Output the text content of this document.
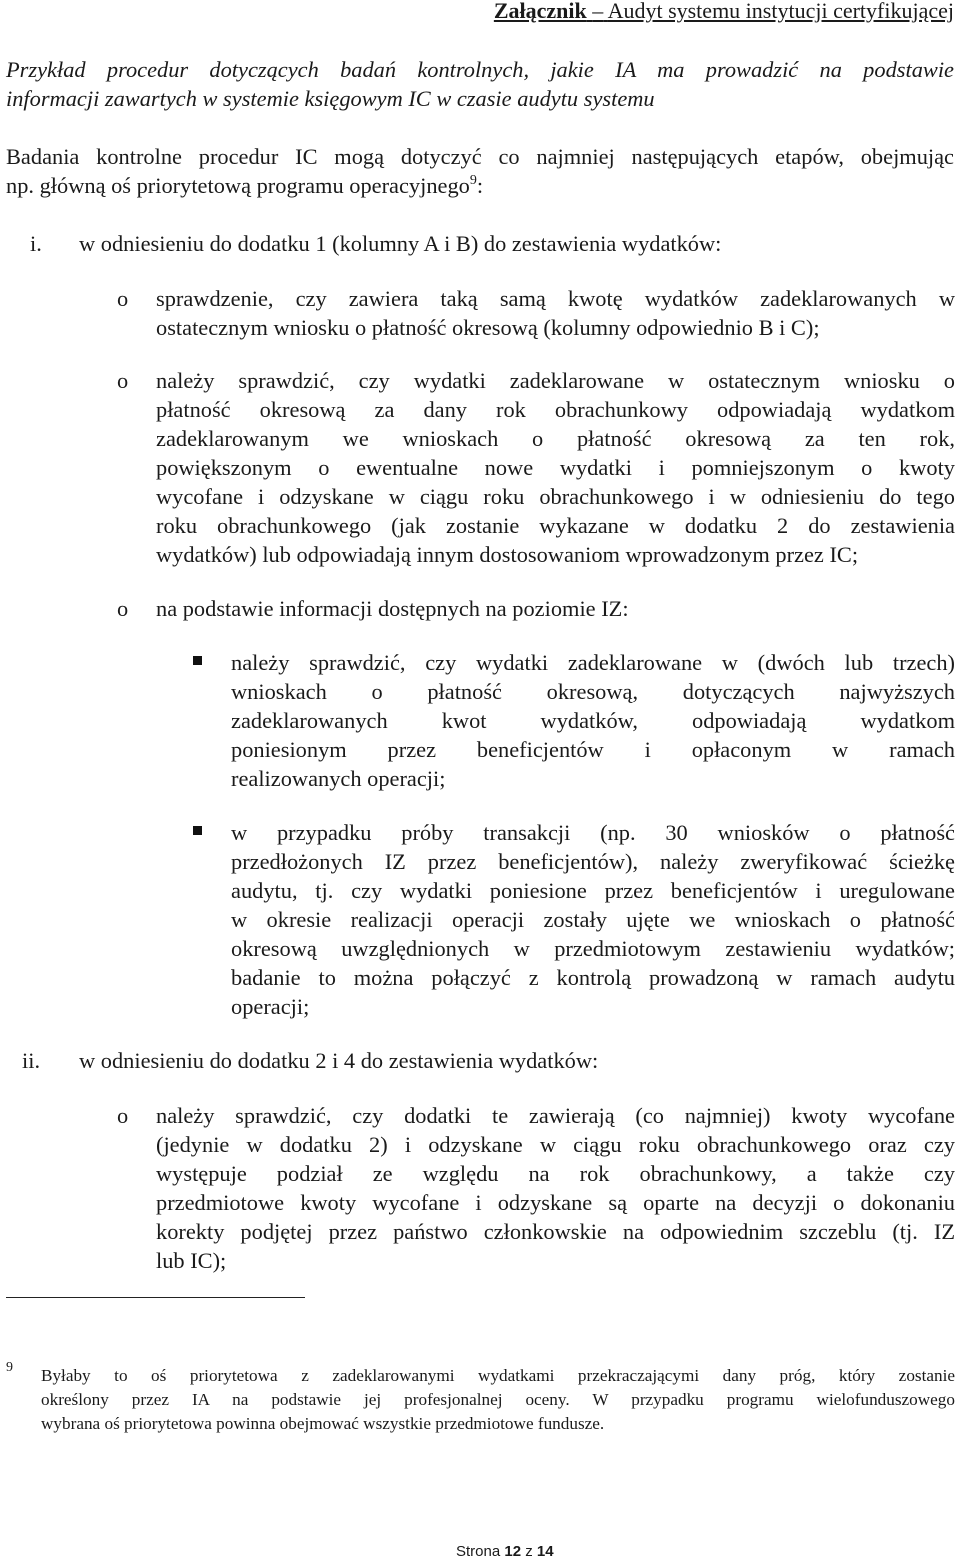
Załącznik – Audyt systemu instytucji certyfikującej
Przykład procedur dotyczących badań kontrolnych, jakie IA ma prowadzić na podstawie
informacji zawartych w systemie księgowym IC w czasie audytu systemu
Badania kontrolne procedur IC mogą dotyczyć co najmniej następujących etapów, obejmując
np. główną oś priorytetową programu operacyjnego$^9$:
i. w odniesieniu do dodatku 1 (kolumny A i B) do zestawienia wydatków:
o sprawdzenie, czy zawiera taką samą kwotę wydatków zadeklarowanych w
ostatecznym wniosku o płatność okresową (kolumny odpowiednio B i C);
o należy sprawdzić, czy wydatki zadeklarowane w ostatecznym wniosku o
płatność okresową za dany rok obrachunkowy odpowiadają wydatkom
zadeklarowanym we wnioskach o płatność okresową za ten rok,
powiększonym o ewentualne nowe wydatki i pomniejszonym o kwoty
wycofane i odzyskane w ciągu roku obrachunkowego i w odniesieniu do tego
roku obrachunkowego (jak zostanie wykazane w dodatku 2 do zestawienia
wydatków) lub odpowiadają innym dostosowaniom wprowadzonym przez IC;
o na podstawie informacji dostępnych na poziomie IZ:
należy sprawdzić, czy wydatki zadeklarowane w (dwóch lub trzech)
wnioskach o płatność okresową, dotyczących najwyższych
zadeklarowanych kwot wydatków, odpowiadają wydatkom
poniesionym przez beneficjentów i opłaconym w ramach
realizowanych operacji;
w przypadku próby transakcji (np. 30 wniosków o płatność
przedłożonych IZ przez beneficjentów), należy zweryfikować ścieżkę
audytu, tj. czy wydatki poniesione przez beneficjentów i uregulowane
w okresie realizacji operacji zostały ujęte we wnioskach o płatność
okresową uwzględnionych w przedmiotowym zestawieniu wydatków;
badanie to można połączyć z kontrolą prowadzoną w ramach audytu
operacji;
ii. w odniesieniu do dodatku 2 i 4 do zestawienia wydatków:
o należy sprawdzić, czy dodatki te zawierają (co najmniej) kwoty wycofane
(jedynie w dodatku 2) i odzyskane w ciągu roku obrachunkowego oraz czy
występuje podział ze względu na rok obrachunkowy, a także czy
przedmiotowe kwoty wycofane i odzyskane są oparte na decyzji o dokonaniu
korekty podjętej przez państwo członkowskie na odpowiednim szczeblu (tj. IZ
lub IC);
9 Byłaby to oś priorytetowa z zadeklarowanymi wydatkami przekraczającymi dany próg, który zostanie
określony przez IA na podstawie jej profesjonalnej oceny. W przypadku programu wielofunduszowego
wybrana oś priorytetowa powinna obejmować wszystkie przedmiotowe fundusze.
Strona 12 z 14
